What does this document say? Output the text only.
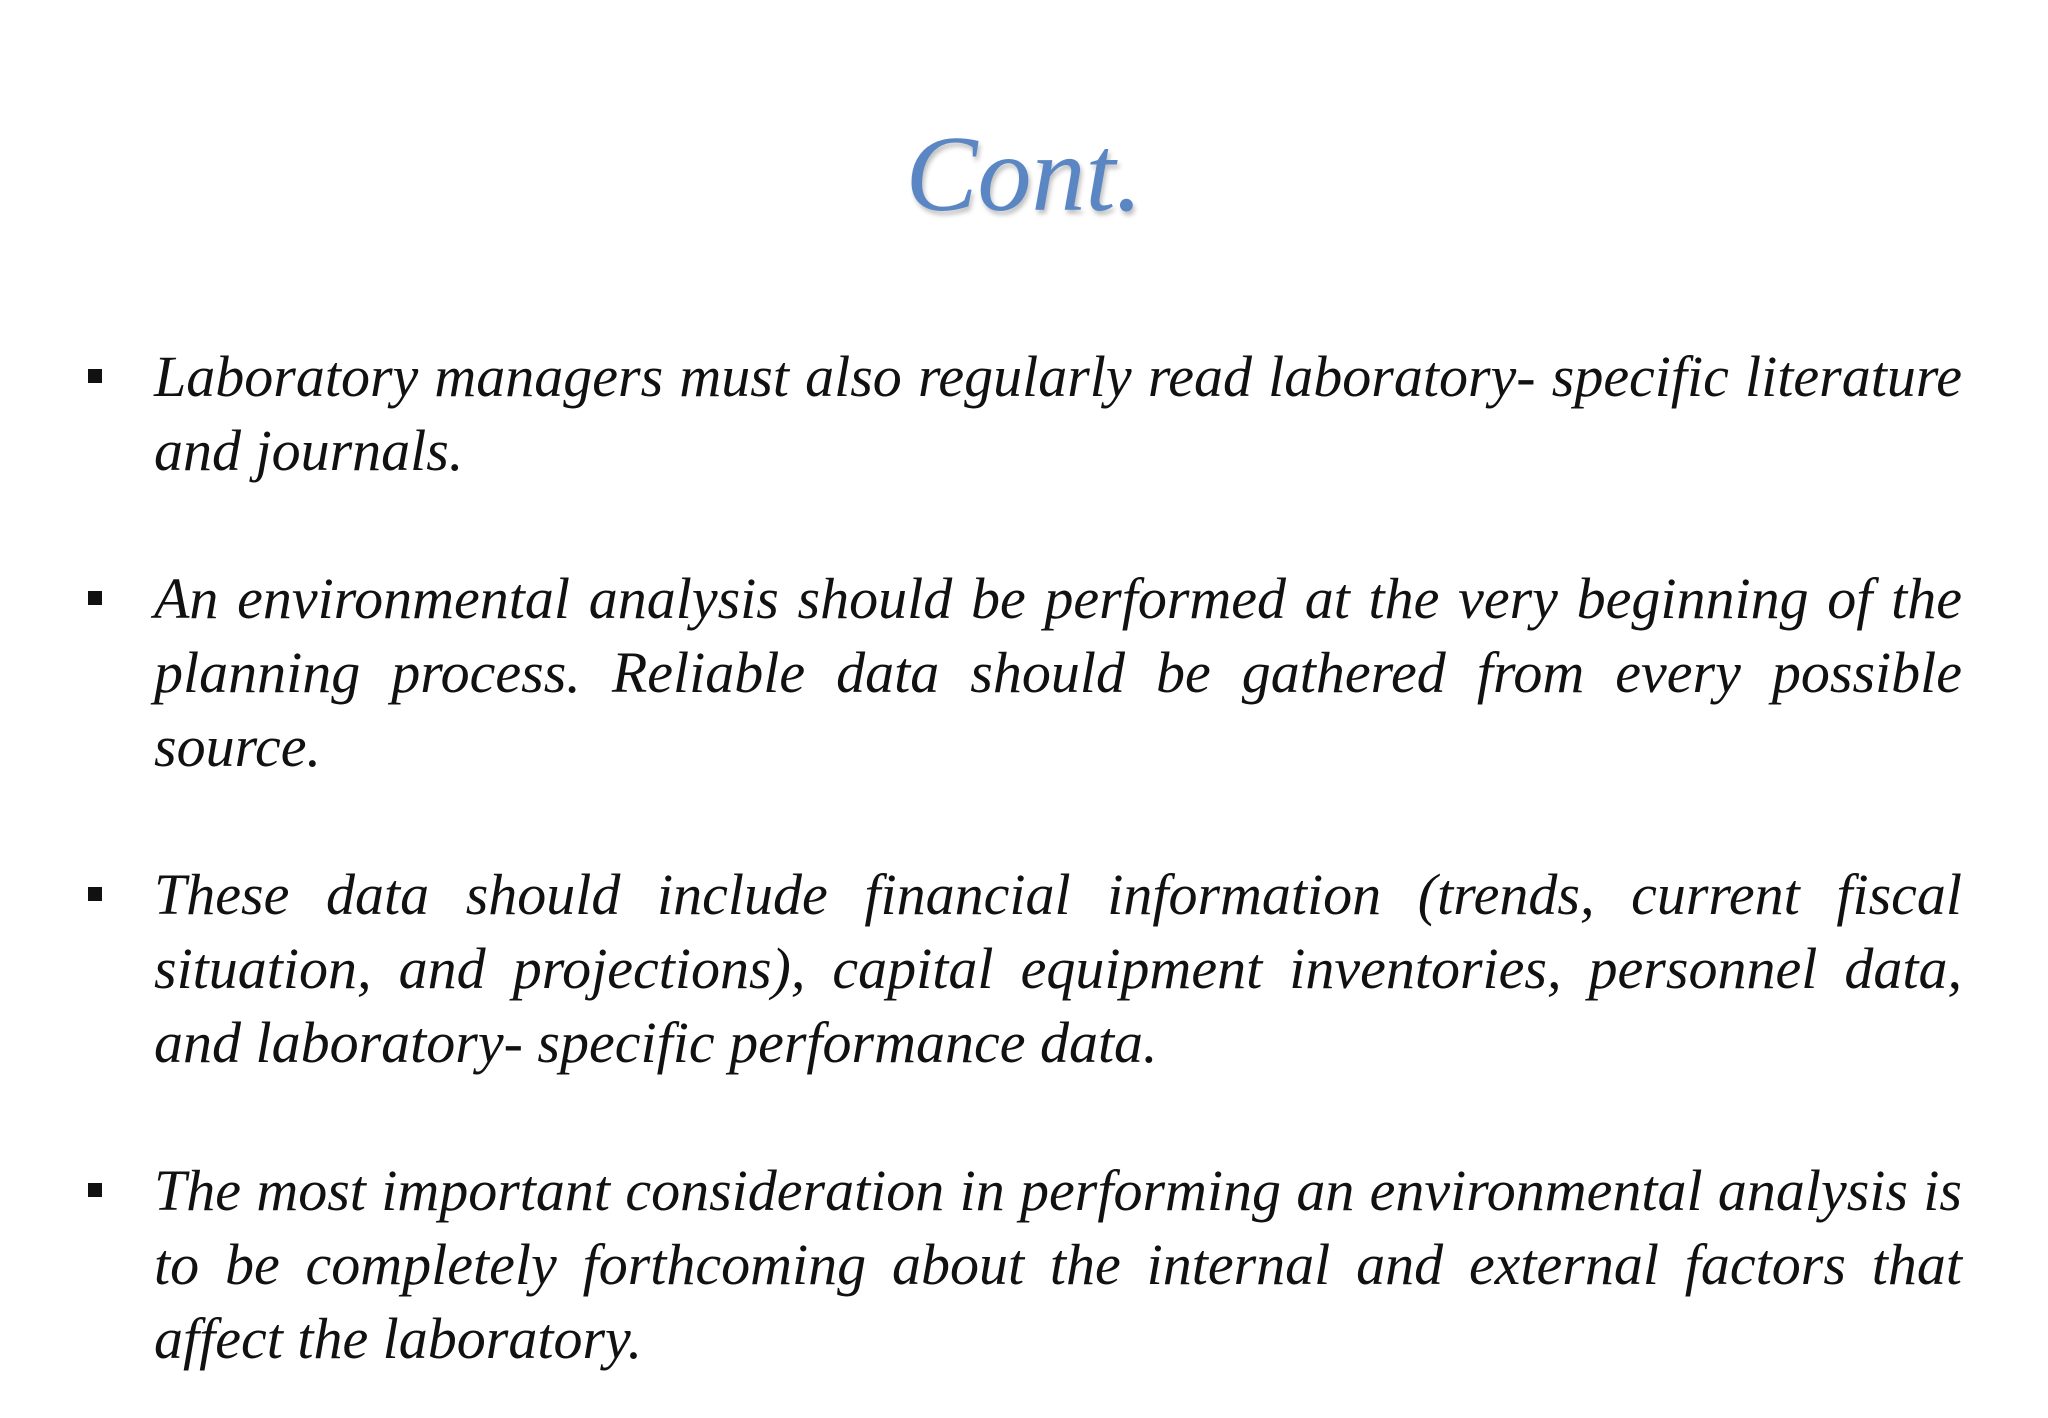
Cont.
Laboratory managers must also regularly read laboratory- specific literature and journals.
An environmental analysis should be performed at the very beginning of the planning process. Reliable data should be gathered from every possible source.
These data should include financial information (trends, current fiscal situation, and projections), capital equipment inventories, personnel data, and laboratory- specific performance data.
The most important consideration in performing an environmental analysis is to be completely forthcoming about the internal and external factors that affect the laboratory.
